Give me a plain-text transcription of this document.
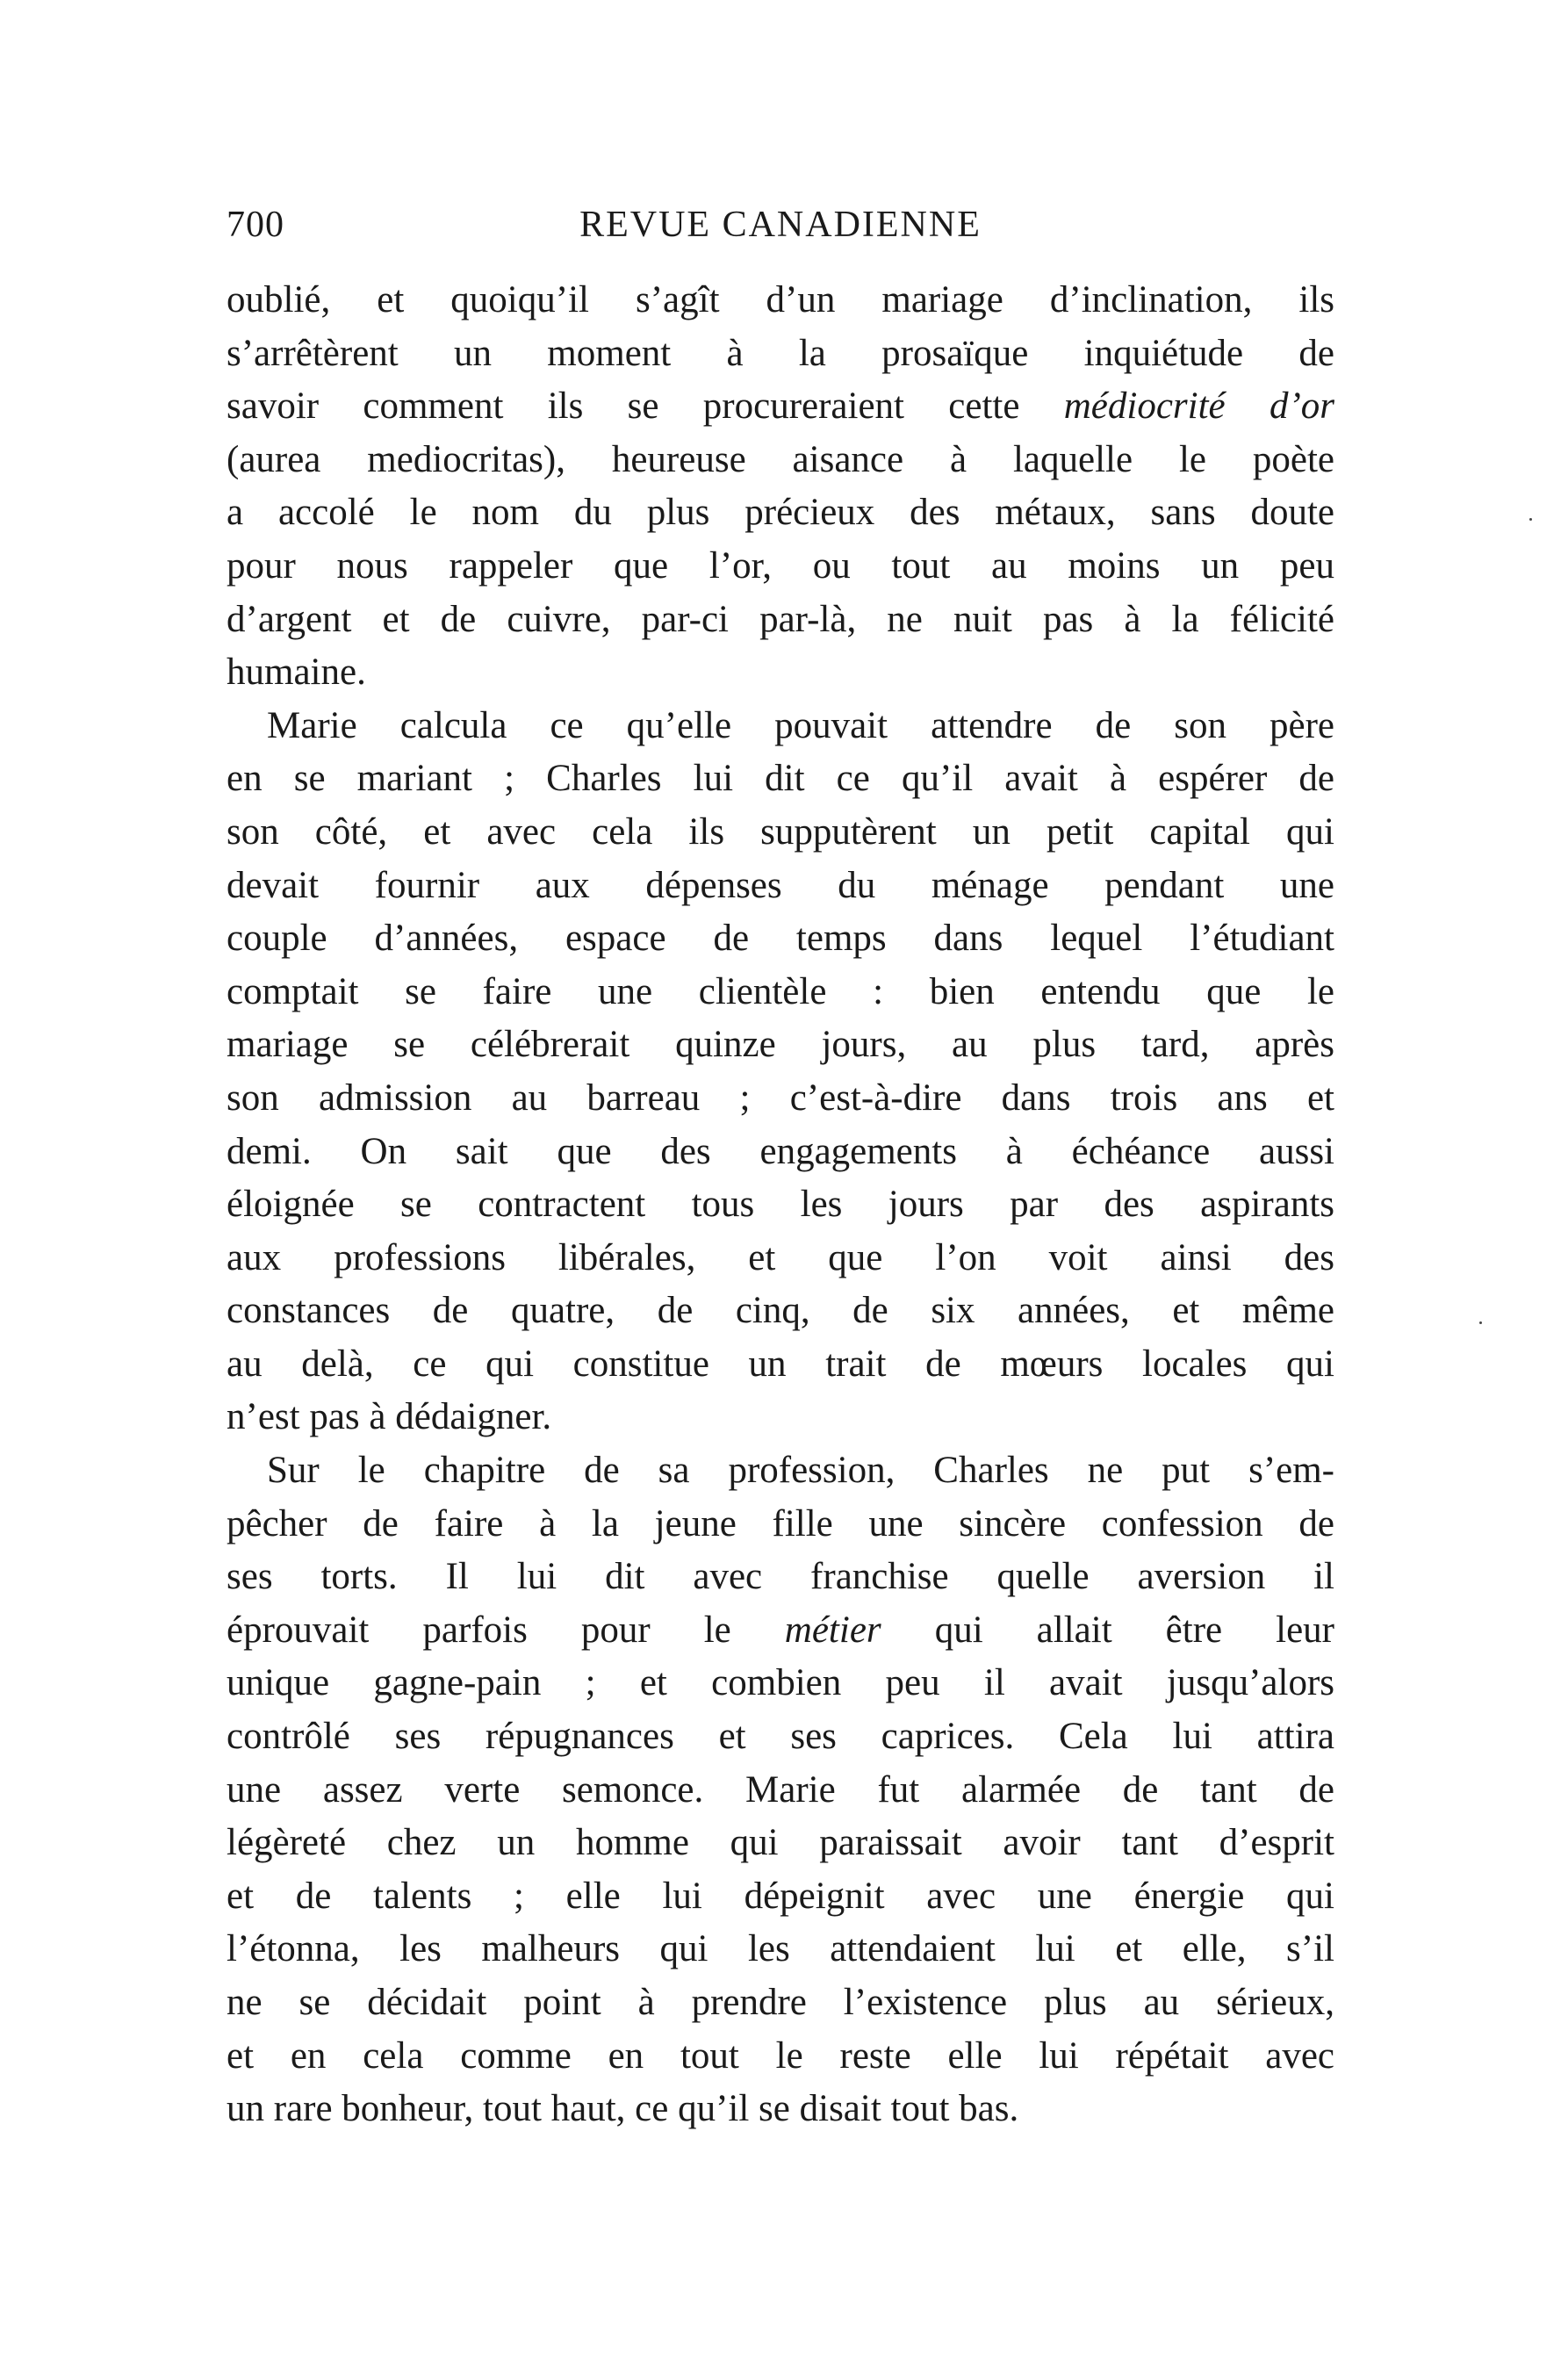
700	REVUE CANADIENNE
oublié, et quoiqu’il s’agît d’un mariage d’inclination, ils
s’arrêtèrent un moment à la prosaïque inquiétude de
savoir comment ils se procureraient cette médiocrité d’or
(aurea mediocritas), heureuse aisance à laquelle le poète
a accolé le nom du plus précieux des métaux, sans doute
pour nous rappeler que l’or, ou tout au moins un peu
d’argent et de cuivre, par-ci par-là, ne nuit pas à la félicité
humaine.
Marie calcula ce qu’elle pouvait attendre de son père
en se mariant ; Charles lui dit ce qu’il avait à espérer de
son côté, et avec cela ils supputèrent un petit capital qui
devait fournir aux dépenses du ménage pendant une
couple d’années, espace de temps dans lequel l’étudiant
comptait se faire une clientèle : bien entendu que le
mariage se célébrerait quinze jours, au plus tard, après
son admission au barreau ; c’est-à-dire dans trois ans et
demi. On sait que des engagements à échéance aussi
éloignée se contractent tous les jours par des aspirants
aux professions libérales, et que l’on voit ainsi des
constances de quatre, de cinq, de six années, et même
au delà, ce qui constitue un trait de mœurs locales qui
n’est pas à dédaigner.
Sur le chapitre de sa profession, Charles ne put s’em-
pêcher de faire à la jeune fille une sincère confession de
ses torts. Il lui dit avec franchise quelle aversion il
éprouvait parfois pour le métier qui allait être leur
unique gagne-pain ; et combien peu il avait jusqu’alors
contrôlé ses répugnances et ses caprices. Cela lui attira
une assez verte semonce. Marie fut alarmée de tant de
légèreté chez un homme qui paraissait avoir tant d’esprit
et de talents ; elle lui dépeignit avec une énergie qui
l’étonna, les malheurs qui les attendaient lui et elle, s’il
ne se décidait point à prendre l’existence plus au sérieux,
et en cela comme en tout le reste elle lui répétait avec
un rare bonheur, tout haut, ce qu’il se disait tout bas.
